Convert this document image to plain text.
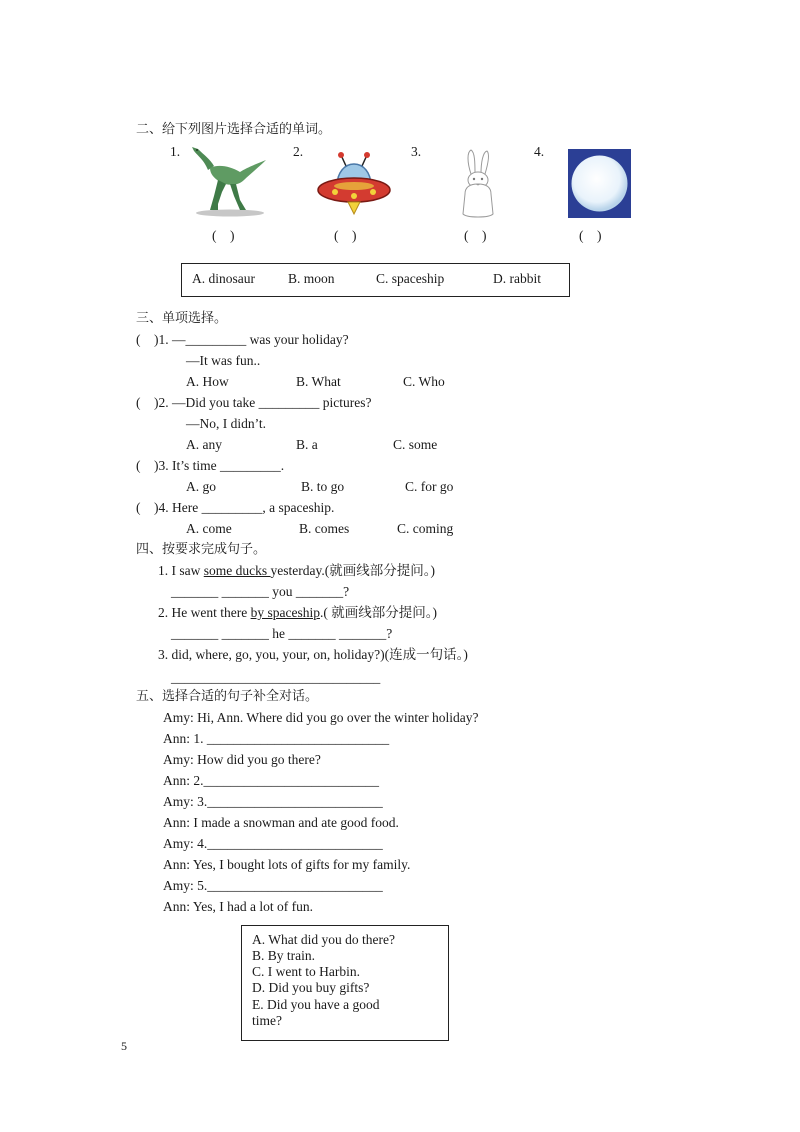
二、给下列图片选择合适的单词。
1.	2.	3.	4.
(    )	(    )	(    )	(    )
A. dinosaur B. moon	C. spaceship	D. rabbit
三、单项选择。
(    )1. —_________ was your holiday?
—It was fun..
A. How	B. What	C. Who
(    )2. —Did you take _________ pictures?
—No, I didn’t.
A. any	B. a	C. some
(    )3. It’s time _________.
A. go	B. to go	C. for go
(    )4. Here _________, a spaceship.
A. come	B. comes	C. coming
四、按要求完成句子。
1. I saw some ducks yesterday.(就画线部分提问。)
_______ _______ you _______?
2. He went there by spaceship.( 就画线部分提问。)
_______ _______ he _______ _______?
3. did, where, go, you, your, on, holiday?)(连成一句话。)
_______________________________
五、选择合适的句子补全对话。
Amy: Hi, Ann. Where did you go over the winter holiday?
Ann: 1. ___________________________
Amy: How did you go there?
Ann: 2.__________________________
Amy: 3.__________________________
Ann: I made a snowman and ate good food.
Amy: 4.__________________________
Ann: Yes, I bought lots of gifts for my family.
Amy: 5.__________________________
Ann: Yes, I had a lot of fun.
A. What did you do there?
B. By train.
C. I went to Harbin.
D. Did you buy gifts?
E. Did you have a good
time?
5
